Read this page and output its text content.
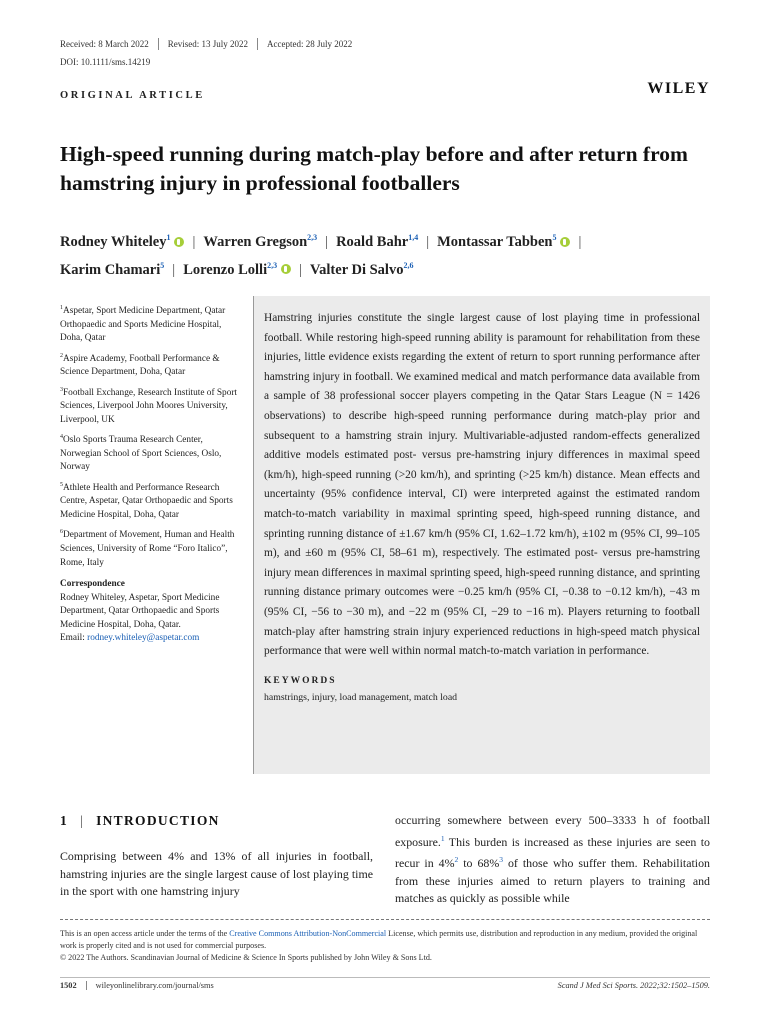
Received: 8 March 2022	Revised: 13 July 2022	Accepted: 28 July 2022
DOI: 10.1111/sms.14219
ORIGINAL ARTICLE	WILEY
High-speed running during match-play before and after return from hamstring injury in professional footballers
Rodney Whiteley$^1$ | Warren Gregson$^{2,3}$ | Roald Bahr$^{1,4}$ | Montassar Tabben$^5$ |
Karim Chamari$^5$ | Lorenzo Lolli$^{2,3}$ | Valter Di Salvo$^{2,6}$
$^1$Aspetar, Sport Medicine Department, Qatar Orthopaedic and Sports Medicine Hospital, Doha, Qatar
$^2$Aspire Academy, Football Performance & Science Department, Doha, Qatar
$^3$Football Exchange, Research Institute of Sport Sciences, Liverpool John Moores University, Liverpool, UK
$^4$Oslo Sports Trauma Research Center, Norwegian School of Sport Sciences, Oslo, Norway
$^5$Athlete Health and Performance Research Centre, Aspetar, Qatar Orthopaedic and Sports Medicine Hospital, Doha, Qatar
$^6$Department of Movement, Human and Health Sciences, University of Rome “Foro Italico”, Rome, Italy
Correspondence
Rodney Whiteley, Aspetar, Sport Medicine Department, Qatar Orthopaedic and Sports Medicine Hospital, Doha, Qatar.
Email: rodney.whiteley@aspetar.com

Hamstring injuries constitute the single largest cause of lost playing time in professional football. While restoring high-speed running ability is paramount for rehabilitation from these injuries, little evidence exists regarding the extent of return to sport running performance after hamstring injury in football. We examined medical and match performance data available from a sample of 38 professional soccer players competing in the Qatar Stars League (N = 1426 observations) to describe high-speed running performance during match-play prior and subsequent to a hamstring strain injury. Multivariable-adjusted random-effects generalized additive models estimated post- versus pre-hamstring injury differences in maximal speed (km/h), high-speed running (>20 km/h), and sprinting (>25 km/h) distance. Mean effects and uncertainty (95% confidence interval, CI) were interpreted against the estimated random match-to-match variability in maximal sprinting speed, high-speed running distance, and sprinting running distance of ±1.67 km/h (95% CI, 1.62–1.72 km/h), ±102 m (95% CI, 99–105 m), and ±60 m (95% CI, 58–61 m), respectively. The estimated post- versus pre-hamstring injury mean differences in maximal sprinting speed, high-speed running distance, and sprinting running distance primary outcomes were −0.25 km/h (95% CI, −0.38 to −0.12 km/h), −43 m (95% CI, −56 to −30 m), and −22 m (95% CI, −29 to −16 m). Players returning to football match-play after hamstring strain injury experienced reductions in high-speed match physical performance that were well within normal match-to-match variation in performance.

KEYWORDS
hamstrings, injury, load management, match load
1 | INTRODUCTION

Comprising between 4% and 13% of all injuries in football, hamstring injuries are the single largest cause of lost playing time in the sport with one hamstring injury

occurring somewhere between every 500–3333 h of football exposure.$^1$ This burden is increased as these injuries are seen to recur in 4%$^2$ to 68%$^3$ of those who suffer them. Rehabilitation from these injuries aimed to return players to training and matches as quickly as possible while

This is an open access article under the terms of the Creative Commons Attribution-NonCommercial License, which permits use, distribution and reproduction in any medium, provided the original work is properly cited and is not used for commercial purposes.
© 2022 The Authors. Scandinavian Journal of Medicine & Science In Sports published by John Wiley & Sons Ltd.
1502	wileyonlinelibrary.com/journal/sms	Scand J Med Sci Sports. 2022;32:1502–1509.
